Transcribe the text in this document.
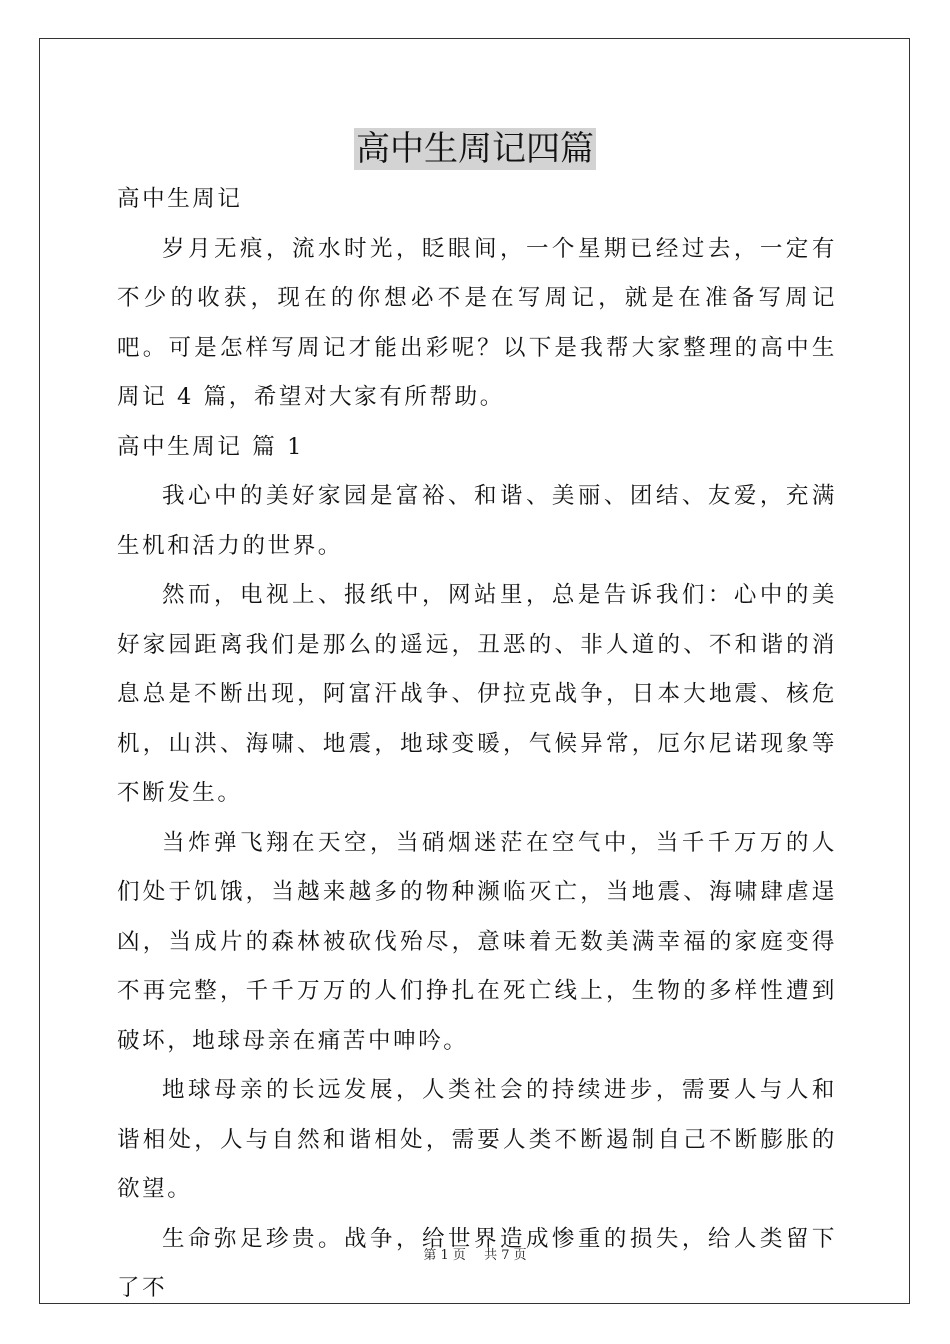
高中生周记四篇

高中生周记

岁月无痕，流水时光，眨眼间，一个星期已经过去，一定有不少的收获，现在的你想必不是在写周记，就是在准备写周记吧。可是怎样写周记才能出彩呢？以下是我帮大家整理的高中生周记 4 篇，希望对大家有所帮助。

高中生周记 篇 1

我心中的美好家园是富裕、和谐、美丽、团结、友爱，充满生机和活力的世界。

然而，电视上、报纸中，网站里，总是告诉我们：心中的美好家园距离我们是那么的遥远，丑恶的、非人道的、不和谐的消息总是不断出现，阿富汗战争、伊拉克战争，日本大地震、核危机，山洪、海啸、地震，地球变暖，气候异常，厄尔尼诺现象等不断发生。

当炸弹飞翔在天空，当硝烟迷茫在空气中，当千千万万的人们处于饥饿，当越来越多的物种濒临灭亡，当地震、海啸肆虐逞凶，当成片的森林被砍伐殆尽，意味着无数美满幸福的家庭变得不再完整，千千万万的人们挣扎在死亡线上，生物的多样性遭到破坏，地球母亲在痛苦中呻吟。

地球母亲的长远发展，人类社会的持续进步，需要人与人和谐相处，人与自然和谐相处，需要人类不断遏制自己不断膨胀的欲望。

生命弥足珍贵。战争，给世界造成惨重的损失，给人类留下了不

第 1 页 共 7 页
